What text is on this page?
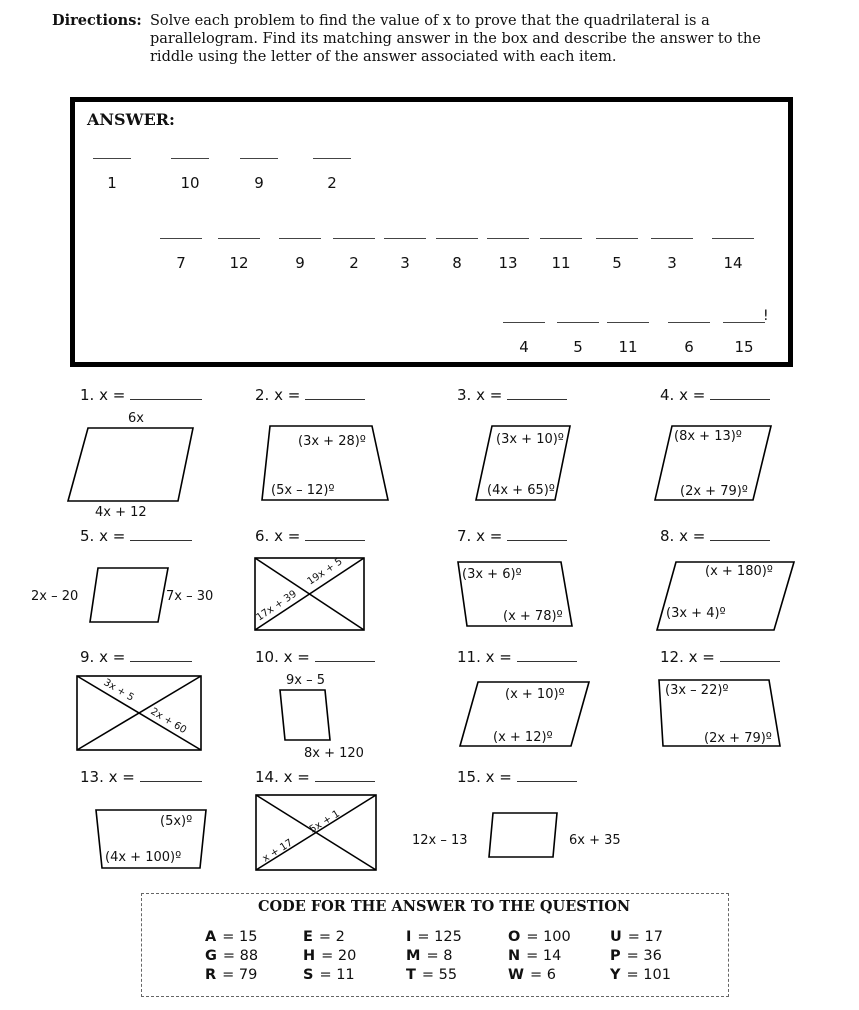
Directions: Solve each problem to find the value of x to prove that the quadrilateral is a parallelogram. Find its matching answer in the box and describe the answer to the riddle using the letter of the answer associated with each item.
ANSWER:
1	10	9	2
7	12	9	2	3	8	13	11	5	3	14
4	5	11	6	15
!
1. x =	2. x =	3. x =	4. x =
5. x =	6. x =	7. x =	8. x =
9. x =	10. x =	11. x =	12. x =
13. x =	14. x =	15. x =
6x
4x + 12
(3x + 28)º
(5x – 12)º
(3x + 10)º
(4x + 65)º
(8x + 13)º
(2x + 79)º
2x – 20	7x – 30	17x + 39
19x + 5	(3x + 6)º
(x + 78)º
(x + 180)º
(3x + 4)º
3x + 5
2x + 60
9x – 5
8x + 120
(x + 10)º
(x + 12)º
(3x – 22)º
(2x + 79)º
(5x)º
(4x + 100)º	x + 17
5x + 1
12x – 13	6x + 35
CODE FOR THE ANSWER TO THE QUESTION
A = 15
G = 88
R = 79
E = 2
H = 20
S = 11
I = 125
M = 8
T = 55
O = 100
N = 14
W = 6
U = 17
P = 36
Y = 101
